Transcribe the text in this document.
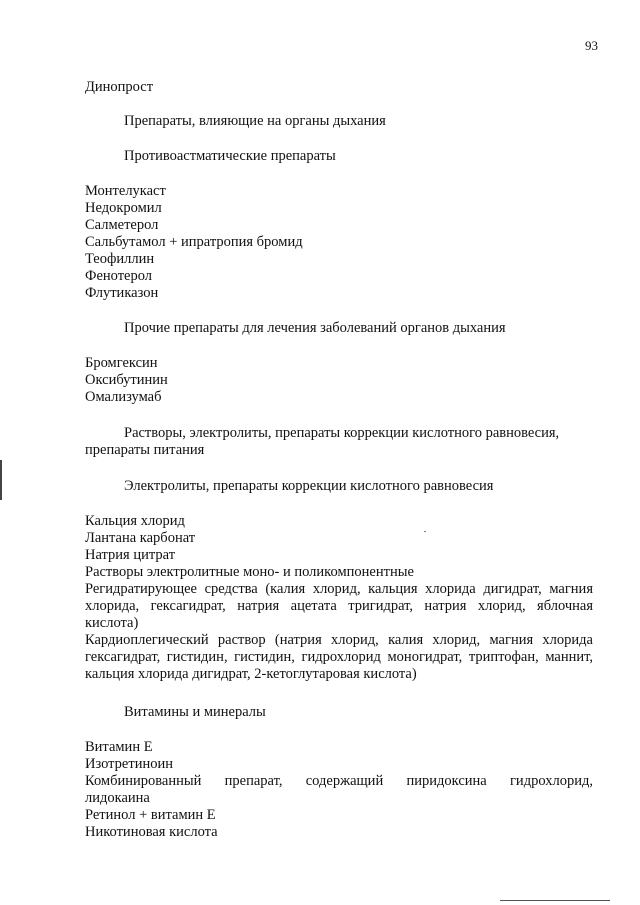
93
Динопрост
Препараты, влияющие на органы дыхания
Противоастматические препараты
Монтелукаст
Недокромил
Салметерол
Сальбутамол + ипратропия бромид
Теофиллин
Фенотерол
Флутиказон
Прочие препараты для лечения заболеваний органов дыхания
Бромгексин
Оксибутинин
Омализумаб
Растворы, электролиты, препараты коррекции кислотного равновесия,
препараты питания
Электролиты, препараты коррекции кислотного равновесия
Кальция хлорид
Лантана карбонат
Натрия цитрат
Растворы электролитные моно- и поликомпонентные
Регидратирующее средства (калия хлорид, кальция хлорида дигидрат, магния хлорида, гексагидрат, натрия ацетата тригидрат, натрия хлорид, яблочная кислота)
Кардиоплегический раствор (натрия хлорид, калия хлорид, магния хлорида гексагидрат, гистидин, гистидин, гидрохлорид моногидрат, триптофан, маннит, кальция хлорида дигидрат, 2-кетоглутаровая кислота)
Витамины и минералы
Витамин Е
Изотретиноин
Комбинированный препарат, содержащий пиридоксина гидрохлорид,
лидокаина
Ретинол + витамин Е
Никотиновая кислота
